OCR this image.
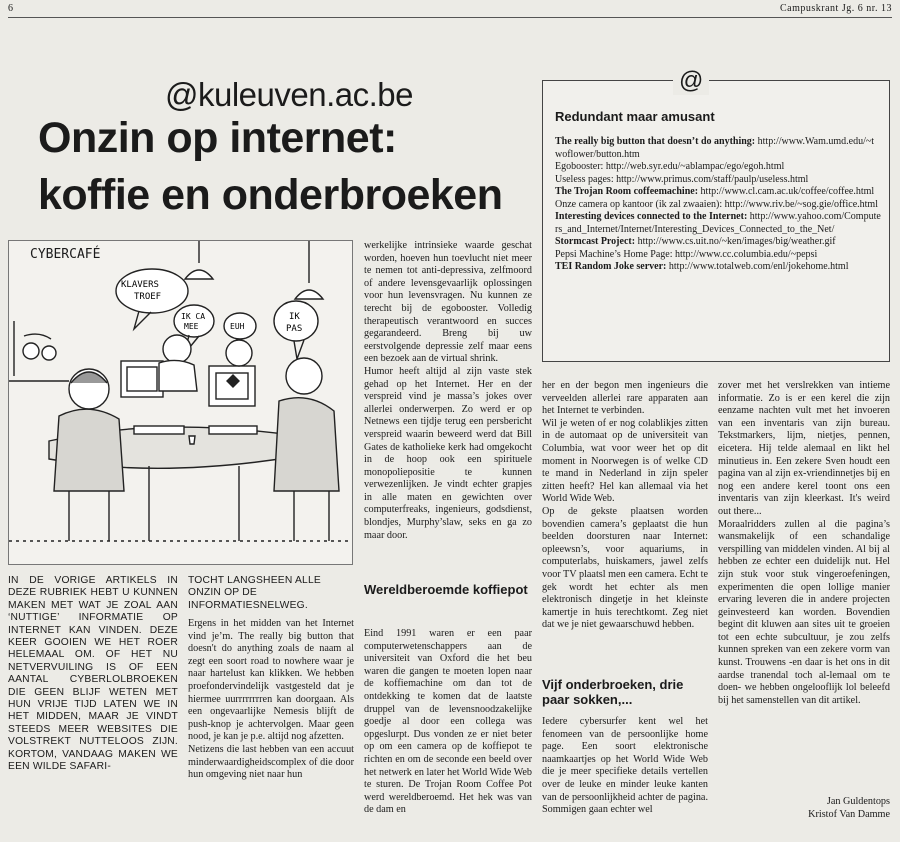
6	Campuskrant Jg. 6 nr. 13
@kuleuven.ac.be
Onzin op internet:
koffie en onderbroeken
KLAVERS
TROEF
IK CA
MEE	EUH
IK
PAS
CYBERCAFÉ
@
Redundant maar amusant
The really big button that doesn’t do anything: http://www.Wam.umd.edu/~twoflower/button.htm
Egobooster: http://web.syr.edu/~ablampac/ego/egoh.html
Useless pages: http://www.primus.com/staff/paulp/useless.html
The Trojan Room coffeemachine: http://www.cl.cam.ac.uk/coffee/coffee.html
Onze camera op kantoor (ik zal zwaaien): http://www.riv.be/~sog.gie/office.html
Interesting devices connected to the Internet: http://www.yahoo.com/Computers_and_Internet/Internet/Interesting_Devices_Connected_to_the_Net/
Stormcast Project: http://www.cs.uit.no/~ken/images/big/weather.gif
Pepsi Machine’s Home Page: http://www.cc.columbia.edu/~pepsi
TEI Random Joke server: http://www.totalweb.com/enl/jokehome.html
IN DE VORIGE ARTIKELS IN DEZE RUBRIEK HEBT U KUNNEN MAKEN MET WAT JE ZOAL AAN ‘NUTTIGE’ INFORMATIE OP INTERNET KAN VINDEN. DEZE KEER GOOIEN WE HET ROER HELEMAAL OM. OF HET NU NETVERVUILING IS OF EEN AANTAL CYBERLOLBROEKEN DIE GEEN BLIJF WETEN MET HUN VRIJE TIJD LATEN WE IN HET MIDDEN, MAAR JE VINDT STEEDS MEER WEBSITES DIE VOLSTREKT NUTTELOOS ZIJN. KORTOM, VANDAAG MAKEN WE EEN WILDE SAFARI-
TOCHT LANGSHEEN ALLE ONZIN OP DE INFORMATIESNELWEG.
Ergens in het midden van het Internet vind je’m. The really big button that doesn't do anything zoals de naam al zegt een soort road to nowhere waar je naar hartelust kan klikken. We hebben proefondervindelijk vastgesteld dat je hiermee uurrrrrrrren kan doorgaan. Als een ongevaarlijke Nemesis blijft de push-knop je achtervolgen. Maar geen nood, je kan je p.e. altijd nog afzetten.
Netizens die last hebben van een accuut minderwaardigheidscomplex of die door hun omgeving niet naar hun
werkelijke intrinsieke waarde geschat worden, hoeven hun toevlucht niet meer te nemen tot anti-depressiva, zelfmoord of andere levensgevaarlijk oplossingen voor hun levensvragen. Nu kunnen ze terecht bij de egobooster. Volledig therapeutisch verantwoord en succes gegarandeerd. Breng bij uw eerstvolgende depressie zelf maar eens een bezoek aan de virtual shrink.
Humor heeft altijd al zijn vaste stek gehad op het Internet. Her en der verspreid vind je massa’s jokes over allerlei onderwerpen. Zo werd er op Netnews een tijdje terug een persbericht verspreid waarin beweerd werd dat Bill Gates de katholieke kerk had omgekocht in de hoop ook een spirituele monopoliepositie te kunnen verwezenlijken. Je vindt echter grapjes in alle maten en gewichten over computerfreaks, ingenieurs, godsdienst, blondjes, Murphy’slaw, seks en ga zo maar door.
Wereldberoemde koffiepot
Eind 1991 waren er een paar computerwetenschappers aan de universiteit van Oxford die het beu waren die gangen te moeten lopen naar de koffiemachine om dan tot de ontdekking te komen dat de laatste druppel van de levensnoodzakelijke goedje al door een collega was opgeslurpt. Dus vonden ze er niet beter op om een camera op de koffiepot te richten en om de seconde een beeld over het netwerk en later het World Wide Web te sturen. De Trojan Room Coffee Pot werd wereldberoemd. Het hek was van de dam en
her en der begon men ingenieurs die verveelden allerlei rare apparaten aan het Internet te verbinden.
Wil je weten of er nog colablikjes zitten in de automaat op de universiteit van Columbia, wat voor weer het op dit moment in Noorwegen is of welke CD te mand in Nederland in zijn speler zitten heeft? Hel kan allemaal via het World Wide Web.
Op de gekste plaatsen worden bovendien camera’s geplaatst die hun beelden doorsturen naar Internet: opleewsn’s, voor aquariums, in computerlabs, huiskamers, jawel zelfs voor TV plaatsl men een camera. Echt te gek wordt het echter als men elektronisch dingetje in het kleinste kamertje in huis terechtkomt. Zeg niet dat we je niet gewaarschuwd hebben.
Vijf onderbroeken, drie paar sokken,...
Iedere cybersurfer kent wel het fenomeen van de persoonlijke home page. Een soort elektronische naamkaartjes op het World Wide Web die je meer specifieke details vertellen over de leuke en minder leuke kanten van de persoonlijkheid achter de pagina. Sommigen gaan echter wel
zover met het verslrekken van intieme informatie. Zo is er een kerel die zijn eenzame nachten vult met het invoeren van een inventaris van zijn bureau. Tekstmarkers, lijm, nietjes, pennen, eicetera. Hij telde alemaal en likt hel minutieus in. Een zekere Sven houdt een pagina van al zijn ex-vriendinnetjes bij en nog een andere kerel toont ons een inventaris van zijn kleerkast. It's weird out there...
Moraalridders zullen al die pagina’s wansmakelijk of een schandalige verspilling van middelen vinden. Al bij al hebben ze echter een duidelijk nut. Hel zijn stuk voor stuk vingeroefeningen, experimenten die open lollige manier ervaring leveren die in andere projecten geinvesteerd kan worden. Bovendien begint dit kluwen aan sites uit te groeien tot een echte subcultuur, je zou zelfs kunnen spreken van een zekere vorm van kunst. Trouwens -en daar is het ons in dit aardse tranendal toch al-lemaal om te doen- we hebben ongelooflijk lol beleefd bij het samenstellen van dit artikel.
Jan Guldentops
Kristof Van Damme
